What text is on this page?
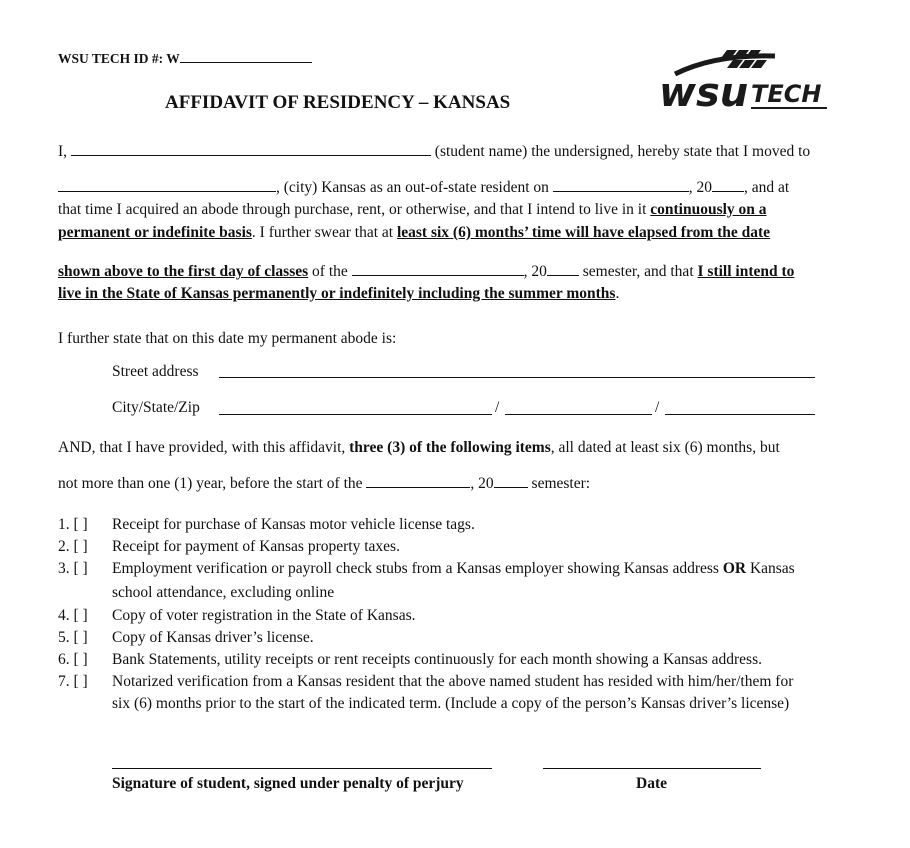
WSU TECH ID #: W
AFFIDAVIT OF RESIDENCY – KANSAS	wsu TECH
I,	(student name) the undersigned, hereby state that I moved to
, (city) Kansas as an out-of-state resident on	, 20 , and at
that time I acquired an abode through purchase, rent, or otherwise, and that I intend to live in it continuously on a
permanent or indefinite basis. I further swear that at least six (6) months’ time will have elapsed from the date
shown above to the first day of classes of the	, 20 semester, and that I still intend to
live in the State of Kansas permanently or indefinitely including the summer months.
I further state that on this date my permanent abode is:
Street address
City/State/Zip	/	/
AND, that I have provided, with this affidavit, three (3) of the following items, all dated at least six (6) months, but
not more than one (1) year, before the start of the	, 20 semester:
1. [ ] Receipt for purchase of Kansas motor vehicle license tags.
2. [ ] Receipt for payment of Kansas property taxes.
3. [ ] Employment verification or payroll check stubs from a Kansas employer showing Kansas address OR Kansas
school attendance, excluding online
4. [ ] Copy of voter registration in the State of Kansas.
5. [ ] Copy of Kansas driver’s license.
6. [ ] Bank Statements, utility receipts or rent receipts continuously for each month showing a Kansas address.
7. [ ] Notarized verification from a Kansas resident that the above named student has resided with him/her/them for
six (6) months prior to the start of the indicated term. (Include a copy of the person’s Kansas driver’s license)
Signature of student, signed under penalty of perjury	Date
